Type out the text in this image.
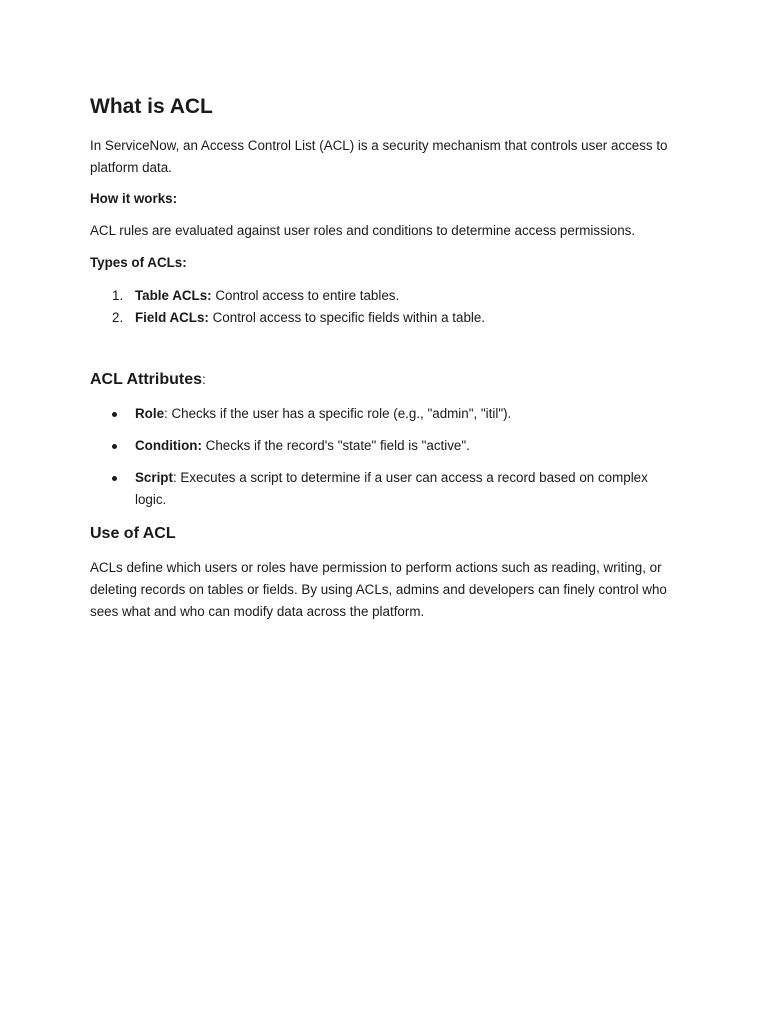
What is ACL
In ServiceNow, an Access Control List (ACL) is a security mechanism that controls user access to platform data.
How it works:
ACL rules are evaluated against user roles and conditions to determine access permissions.
Types of ACLs:
1. Table ACLs: Control access to entire tables.
2. Field ACLs: Control access to specific fields within a table.
ACL Attributes:
Role: Checks if the user has a specific role (e.g., "admin", "itil").
Condition: Checks if the record's "state" field is "active".
Script: Executes a script to determine if a user can access a record based on complex logic.
Use of ACL
ACLs define which users or roles have permission to perform actions such as reading, writing, or deleting records on tables or fields. By using ACLs, admins and developers can finely control who sees what and who can modify data across the platform.
